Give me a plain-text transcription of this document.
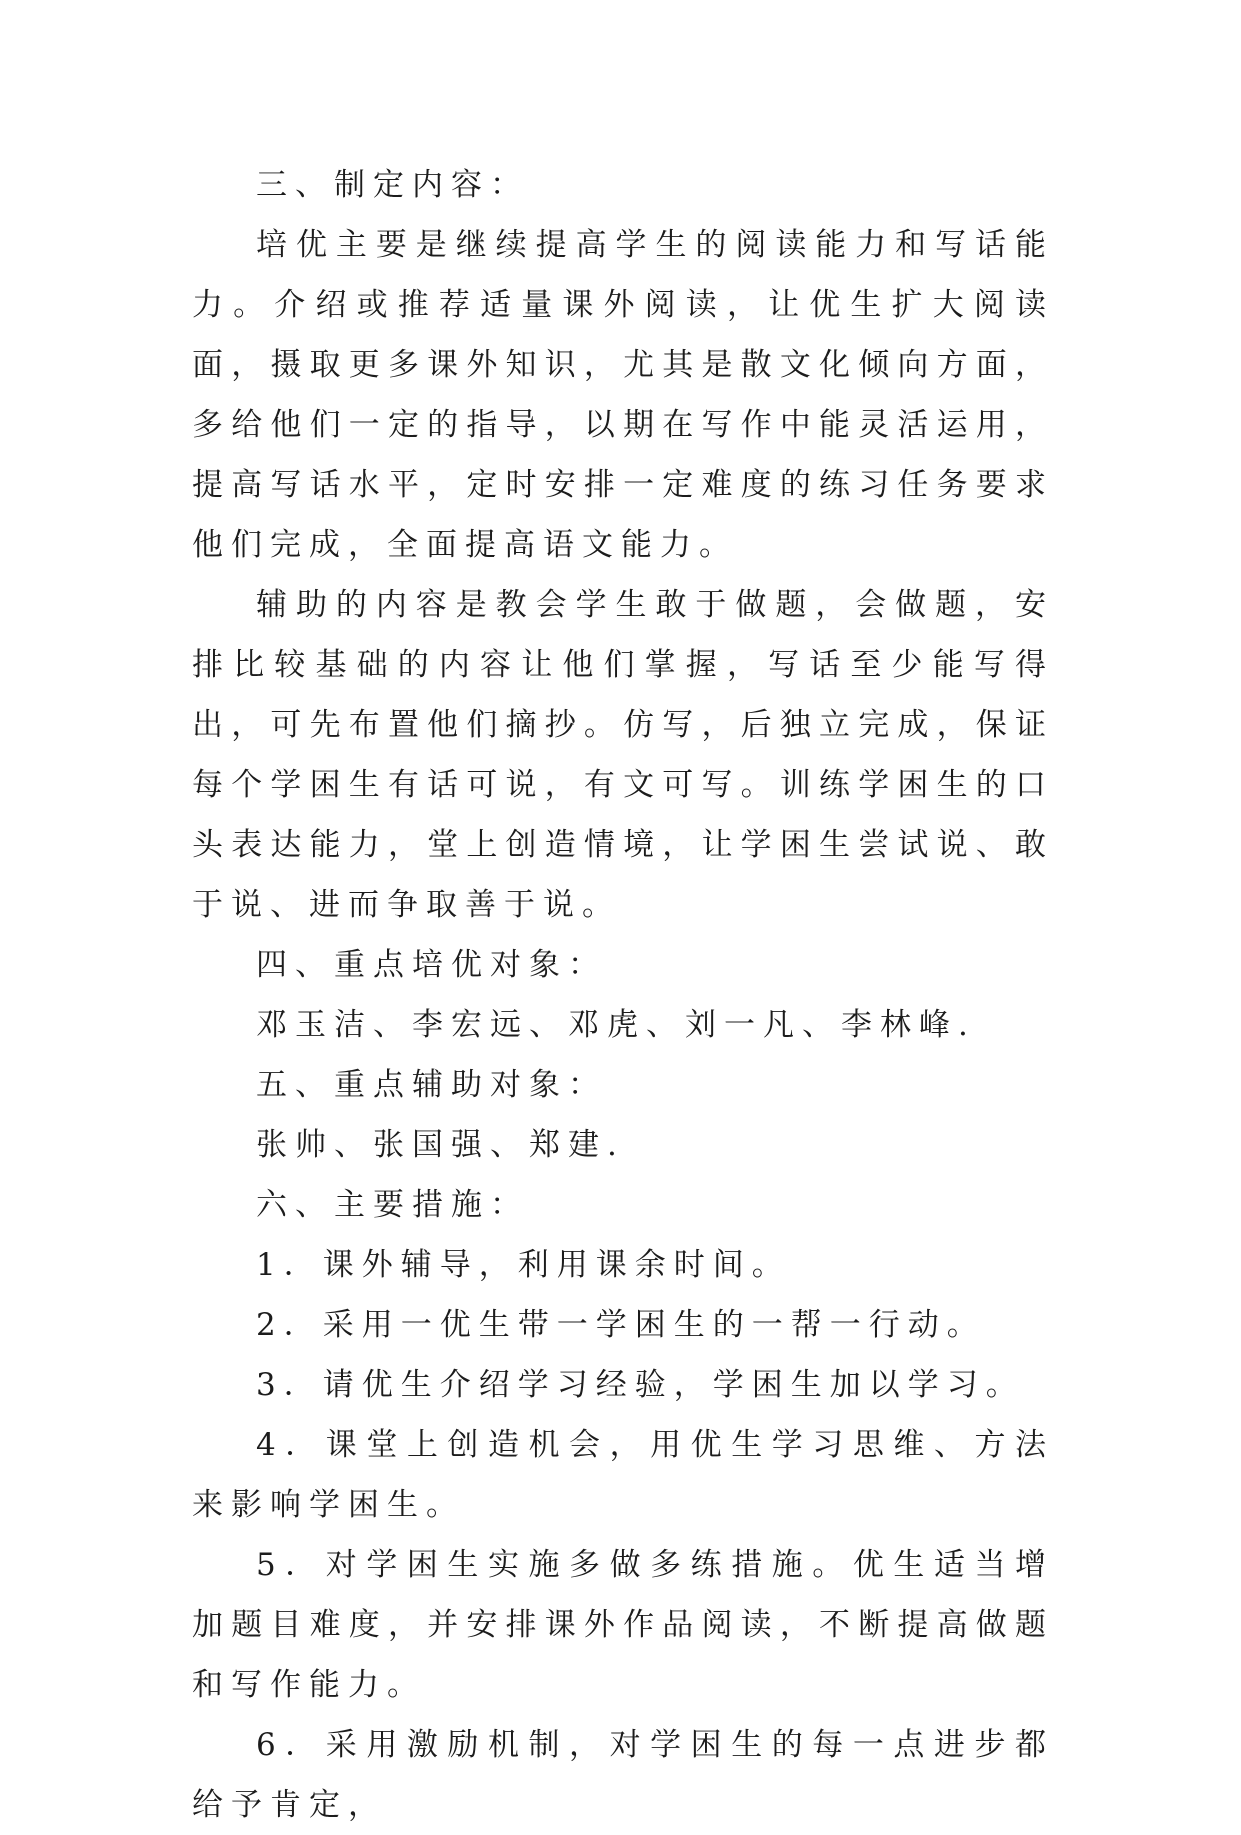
三、制定内容：

培优主要是继续提高学生的阅读能力和写话能力。介绍或推荐适量课外阅读，让优生扩大阅读面，摄取更多课外知识，尤其是散文化倾向方面，多给他们一定的指导，以期在写作中能灵活运用，提高写话水平，定时安排一定难度的练习任务要求他们完成，全面提高语文能力。

辅助的内容是教会学生敢于做题，会做题，安排比较基础的内容让他们掌握，写话至少能写得出，可先布置他们摘抄。仿写，后独立完成，保证每个学困生有话可说，有文可写。训练学困生的口头表达能力，堂上创造情境，让学困生尝试说、敢于说、进而争取善于说。

四、重点培优对象：

邓玉洁、李宏远、邓虎、刘一凡、李林峰.

五、重点辅助对象：

张帅、张国强、郑建.

六、主要措施：

1．课外辅导，利用课余时间。

2．采用一优生带一学困生的一帮一行动。

3．请优生介绍学习经验，学困生加以学习。

4．课堂上创造机会，用优生学习思维、方法来影响学困生。

5．对学困生实施多做多练措施。优生适当增加题目难度，并安排课外作品阅读，不断提高做题和写作能力。

6．采用激励机制，对学困生的每一点进步都给予肯定，
